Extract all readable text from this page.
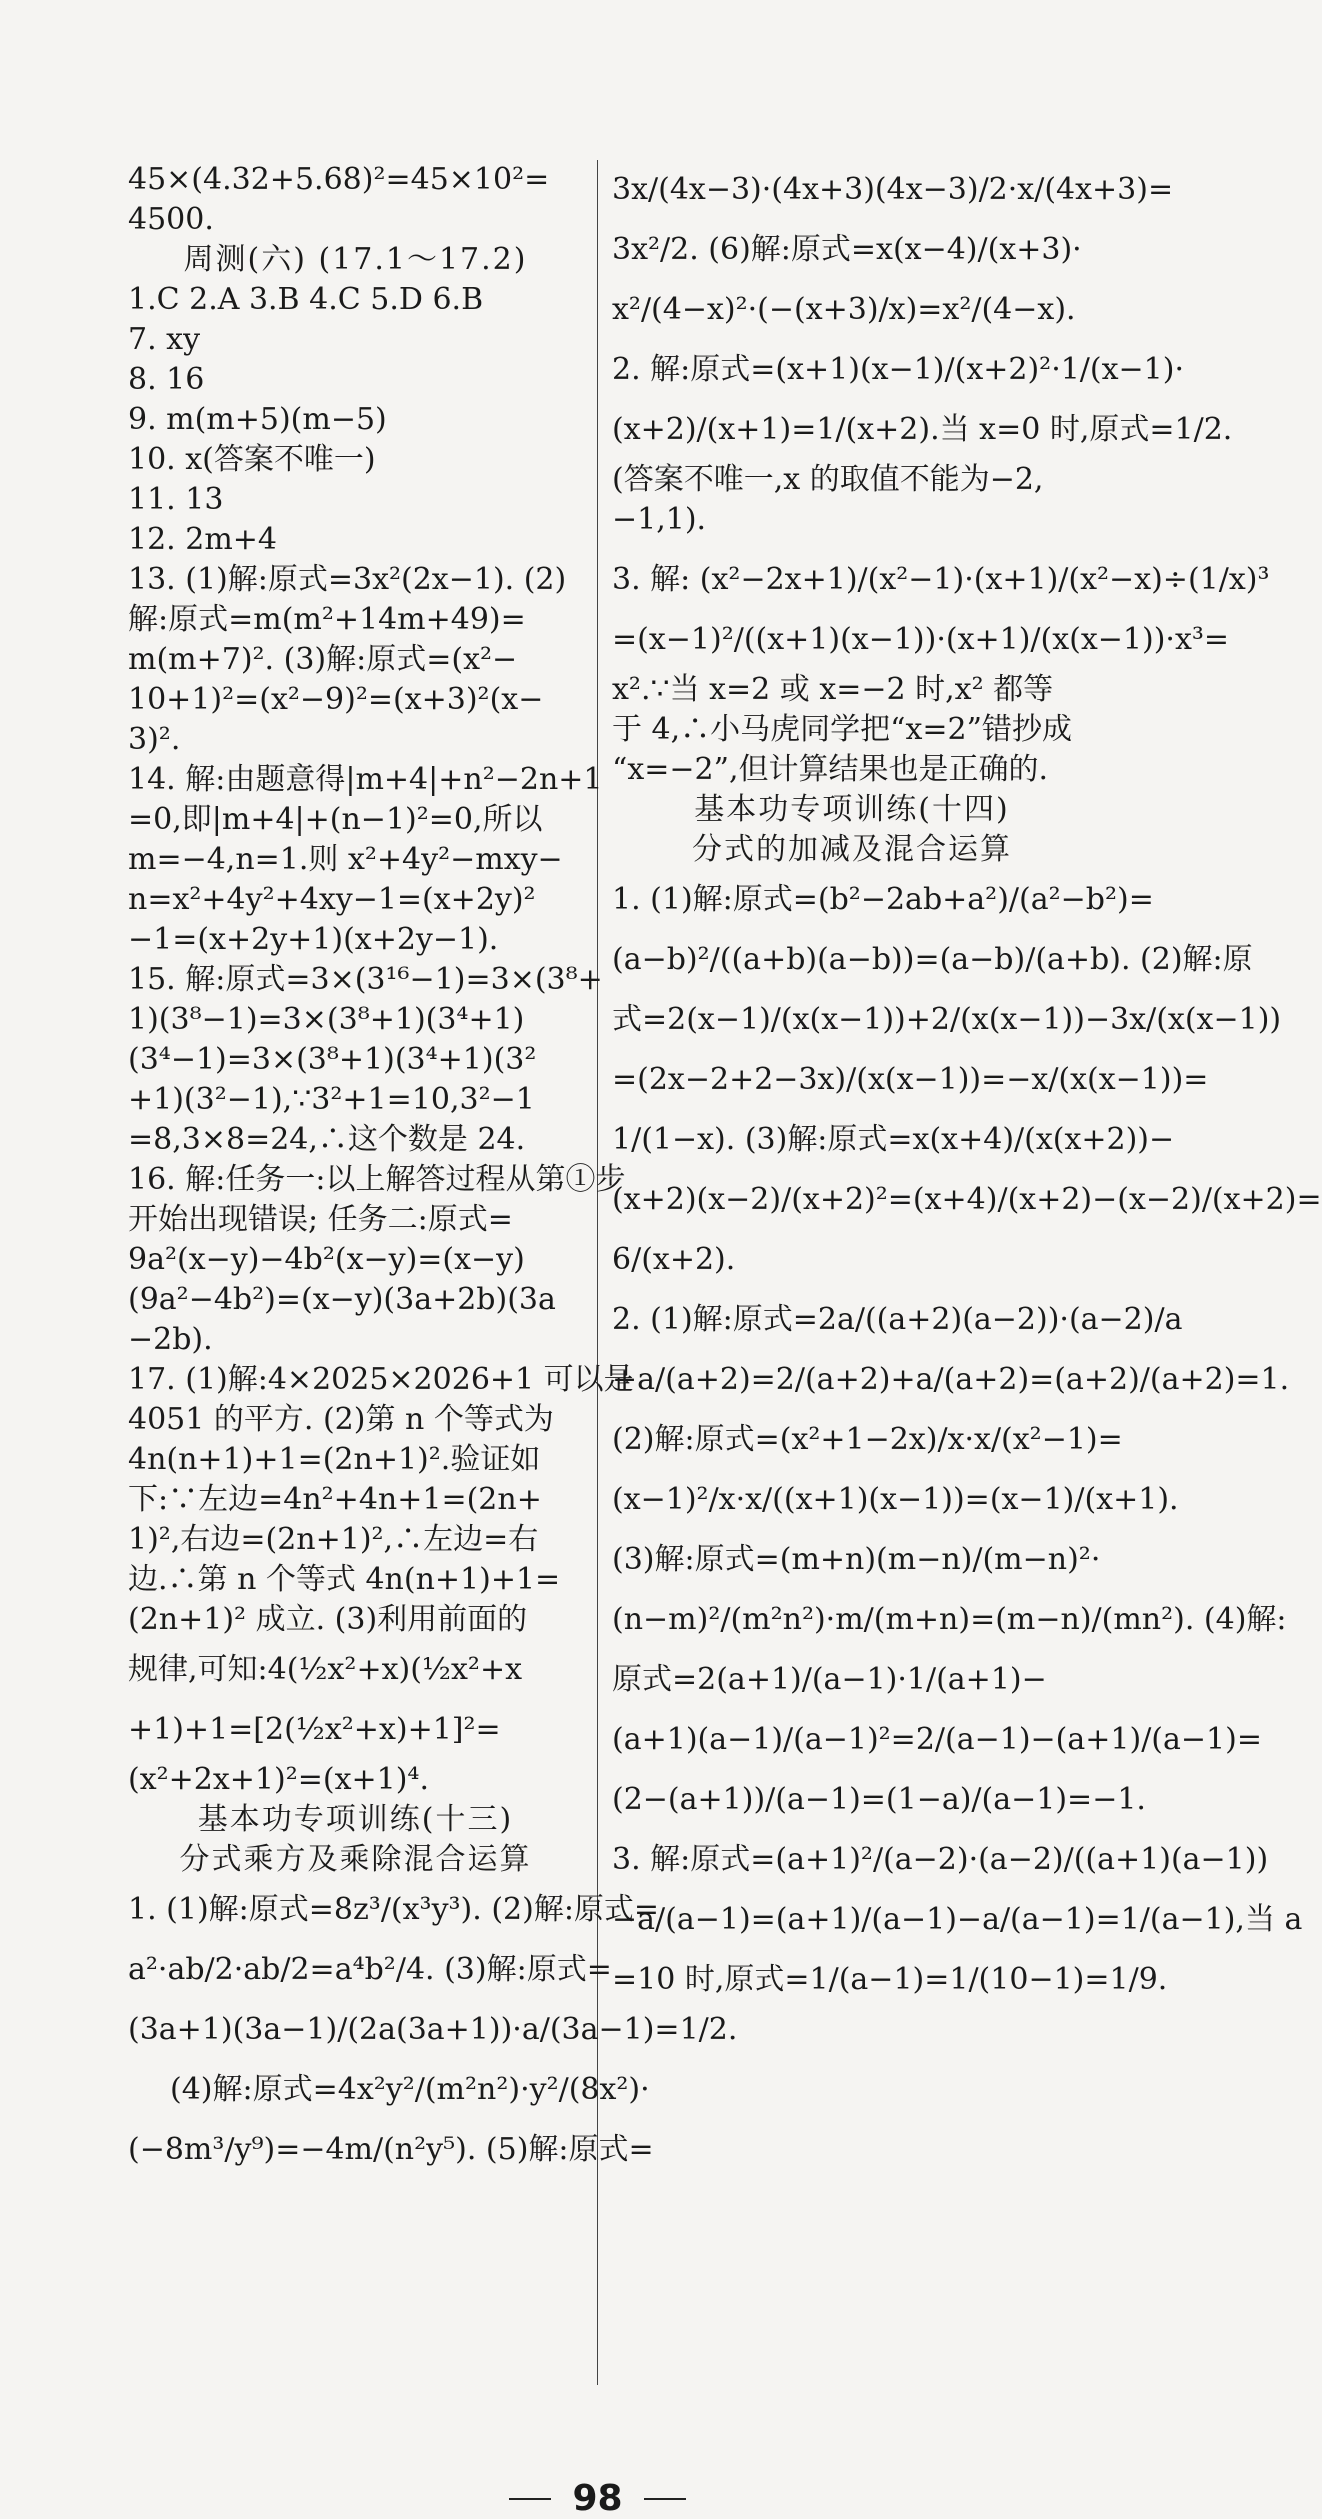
45×(4.32+5.68)²=45×10²=
4500.
周测(六) (17.1～17.2)
1.C 2.A 3.B 4.C 5.D 6.B
7. xy
8. 16
9. m(m+5)(m−5)
10. x(答案不唯一)
11. 13
12. 2m+4
13. (1)解:原式=3x²(2x−1). (2)
解:原式=m(m²+14m+49)=
m(m+7)². (3)解:原式=(x²−
10+1)²=(x²−9)²=(x+3)²(x−
3)².
14. 解:由题意得|m+4|+n²−2n+1
=0,即|m+4|+(n−1)²=0,所以
m=−4,n=1.则 x²+4y²−mxy−
n=x²+4y²+4xy−1=(x+2y)²
−1=(x+2y+1)(x+2y−1).
15. 解:原式=3×(3¹⁶−1)=3×(3⁸+
1)(3⁸−1)=3×(3⁸+1)(3⁴+1)
(3⁴−1)=3×(3⁸+1)(3⁴+1)(3²
+1)(3²−1),∵3²+1=10,3²−1
=8,3×8=24,∴这个数是 24.
16. 解:任务一:以上解答过程从第①步
开始出现错误; 任务二:原式=
9a²(x−y)−4b²(x−y)=(x−y)
(9a²−4b²)=(x−y)(3a+2b)(3a
−2b).
17. (1)解:4×2025×2026+1 可以是
4051 的平方. (2)第 n 个等式为
4n(n+1)+1=(2n+1)².验证如
下:∵左边=4n²+4n+1=(2n+
1)²,右边=(2n+1)²,∴左边=右
边.∴第 n 个等式 4n(n+1)+1=
(2n+1)² 成立. (3)利用前面的
规律,可知:4(½x²+x)(½x²+x
+1)+1=[2(½x²+x)+1]²=
(x²+2x+1)²=(x+1)⁴.
基本功专项训练(十三)
分式乘方及乘除混合运算
1. (1)解:原式=8z³/(x³y³). (2)解:原式=
a²·ab/2·ab/2=a⁴b²/4. (3)解:原式=
(3a+1)(3a−1)/(2a(3a+1))·a/(3a−1)=1/2.
(4)解:原式=4x²y²/(m²n²)·y²/(8x²)·
(−8m³/y⁹)=−4m/(n²y⁵). (5)解:原式=
3x/(4x−3)·(4x+3)(4x−3)/2·x/(4x+3)=
3x²/2. (6)解:原式=x(x−4)/(x+3)·
x²/(4−x)²·(−(x+3)/x)=x²/(4−x).
2. 解:原式=(x+1)(x−1)/(x+2)²·1/(x−1)·
(x+2)/(x+1)=1/(x+2).当 x=0 时,原式=1/2.
(答案不唯一,x 的取值不能为−2,
−1,1).
3. 解: (x²−2x+1)/(x²−1)·(x+1)/(x²−x)÷(1/x)³
=(x−1)²/((x+1)(x−1))·(x+1)/(x(x−1))·x³=
x².∵当 x=2 或 x=−2 时,x² 都等
于 4,∴小马虎同学把“x=2”错抄成
“x=−2”,但计算结果也是正确的.
基本功专项训练(十四)
分式的加减及混合运算
1. (1)解:原式=(b²−2ab+a²)/(a²−b²)=
(a−b)²/((a+b)(a−b))=(a−b)/(a+b). (2)解:原
式=2(x−1)/(x(x−1))+2/(x(x−1))−3x/(x(x−1))
=(2x−2+2−3x)/(x(x−1))=−x/(x(x−1))=
1/(1−x). (3)解:原式=x(x+4)/(x(x+2))−
(x+2)(x−2)/(x+2)²=(x+4)/(x+2)−(x−2)/(x+2)=
6/(x+2).
2. (1)解:原式=2a/((a+2)(a−2))·(a−2)/a
+a/(a+2)=2/(a+2)+a/(a+2)=(a+2)/(a+2)=1.
(2)解:原式=(x²+1−2x)/x·x/(x²−1)=
(x−1)²/x·x/((x+1)(x−1))=(x−1)/(x+1).
(3)解:原式=(m+n)(m−n)/(m−n)²·
(n−m)²/(m²n²)·m/(m+n)=(m−n)/(mn²). (4)解:
原式=2(a+1)/(a−1)·1/(a+1)−
(a+1)(a−1)/(a−1)²=2/(a−1)−(a+1)/(a−1)=
(2−(a+1))/(a−1)=(1−a)/(a−1)=−1.
3. 解:原式=(a+1)²/(a−2)·(a−2)/((a+1)(a−1))
−a/(a−1)=(a+1)/(a−1)−a/(a−1)=1/(a−1),当 a
=10 时,原式=1/(a−1)=1/(10−1)=1/9.
98
